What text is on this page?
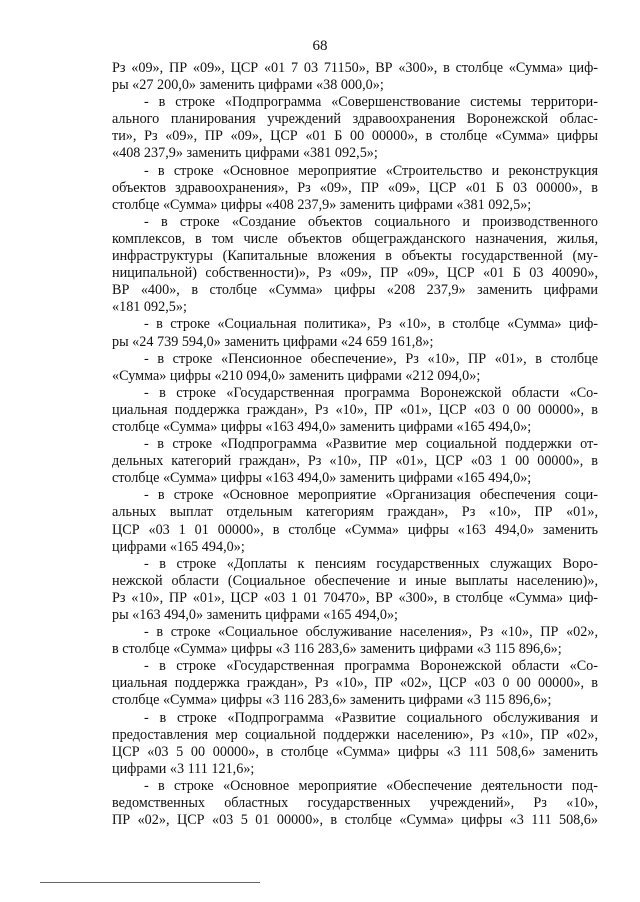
68
Рз «09», ПР «09», ЦСР «01 7 03 71150», ВР «300», в столбце «Сумма» циф-
ры «27 200,0» заменить цифрами «38 000,0»;
- в строке «Подпрограмма «Совершенствование системы территори-
ального планирования учреждений здравоохранения Воронежской облас-
ти», Рз «09», ПР «09», ЦСР «01 Б 00 00000», в столбце «Сумма» цифры
«408 237,9» заменить цифрами «381 092,5»;
- в строке «Основное мероприятие «Строительство и реконструкция
объектов здравоохранения», Рз «09», ПР «09», ЦСР «01 Б 03 00000», в
столбце «Сумма» цифры «408 237,9» заменить цифрами «381 092,5»;
- в строке «Создание объектов социального и производственного
комплексов, в том числе объектов общегражданского назначения, жилья,
инфраструктуры (Капитальные вложения в объекты государственной (му-
ниципальной) собственности)», Рз «09», ПР «09», ЦСР «01 Б 03 40090»,
ВР «400», в столбце «Сумма» цифры «208 237,9» заменить цифрами
«181 092,5»;
- в строке «Социальная политика», Рз «10», в столбце «Сумма» циф-
ры «24 739 594,0» заменить цифрами «24 659 161,8»;
- в строке «Пенсионное обеспечение», Рз «10», ПР «01», в столбце
«Сумма» цифры «210 094,0» заменить цифрами «212 094,0»;
- в строке «Государственная программа Воронежской области «Со-
циальная поддержка граждан», Рз «10», ПР «01», ЦСР «03 0 00 00000», в
столбце «Сумма» цифры «163 494,0» заменить цифрами «165 494,0»;
- в строке «Подпрограмма «Развитие мер социальной поддержки от-
дельных категорий граждан», Рз «10», ПР «01», ЦСР «03 1 00 00000», в
столбце «Сумма» цифры «163 494,0» заменить цифрами «165 494,0»;
- в строке «Основное мероприятие «Организация обеспечения соци-
альных выплат отдельным категориям граждан», Рз «10», ПР «01»,
ЦСР «03 1 01 00000», в столбце «Сумма» цифры «163 494,0» заменить
цифрами «165 494,0»;
- в строке «Доплаты к пенсиям государственных служащих Воро-
нежской области (Социальное обеспечение и иные выплаты населению)»,
Рз «10», ПР «01», ЦСР «03 1 01 70470», ВР «300», в столбце «Сумма» циф-
ры «163 494,0» заменить цифрами «165 494,0»;
- в строке «Социальное обслуживание населения», Рз «10», ПР «02»,
в столбце «Сумма» цифры «3 116 283,6» заменить цифрами «3 115 896,6»;
- в строке «Государственная программа Воронежской области «Со-
циальная поддержка граждан», Рз «10», ПР «02», ЦСР «03 0 00 00000», в
столбце «Сумма» цифры «3 116 283,6» заменить цифрами «3 115 896,6»;
- в строке «Подпрограмма «Развитие социального обслуживания и
предоставления мер социальной поддержки населению», Рз «10», ПР «02»,
ЦСР «03 5 00 00000», в столбце «Сумма» цифры «3 111 508,6» заменить
цифрами «3 111 121,6»;
- в строке «Основное мероприятие «Обеспечение деятельности под-
ведомственных областных государственных учреждений», Рз «10»,
ПР «02», ЦСР «03 5 01 00000», в столбце «Сумма» цифры «3 111 508,6»
